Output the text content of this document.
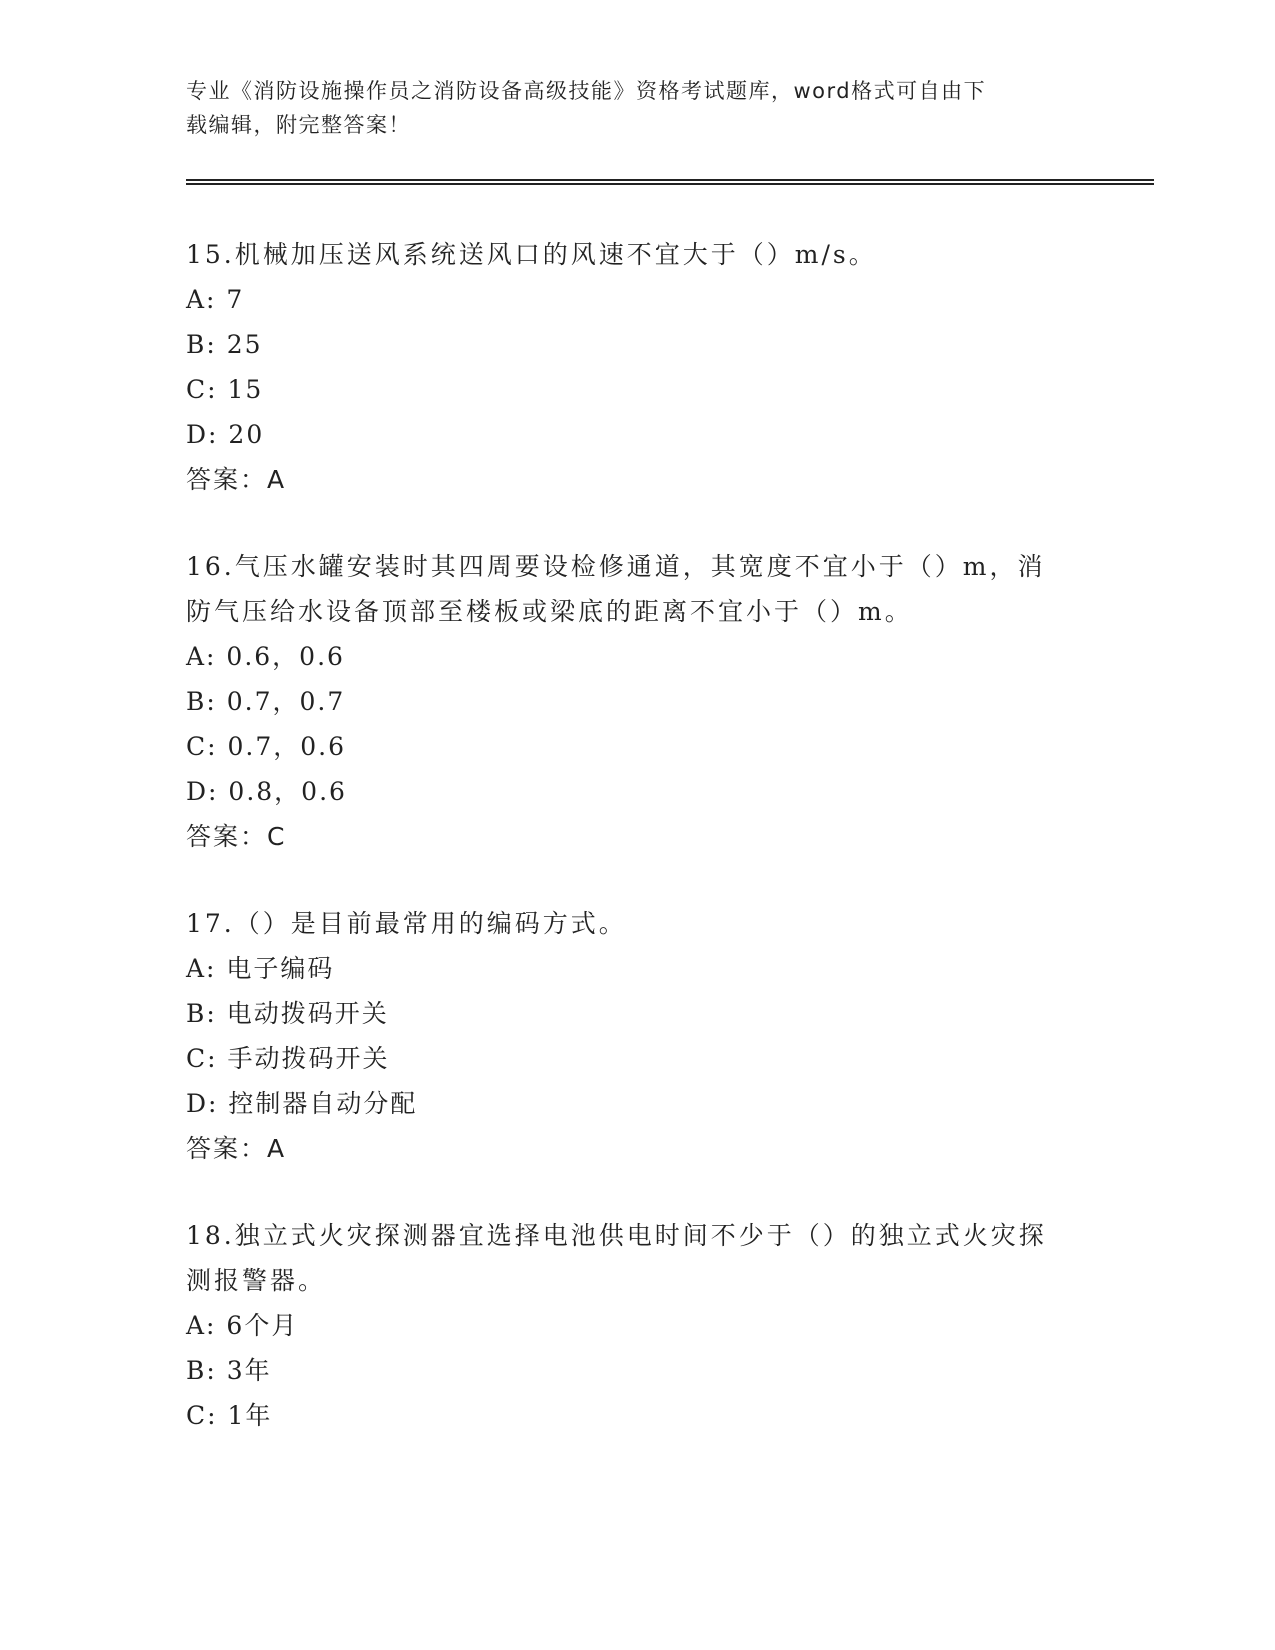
专业《消防设施操作员之消防设备高级技能》资格考试题库，word格式可自由下
载编辑，附完整答案！
15.机械加压送风系统送风口的风速不宜大于（）m/s。
A: 7
B: 25
C: 15
D: 20
答案：A
16.气压水罐安装时其四周要设检修通道，其宽度不宜小于（）m，消防气压给水设备顶部至楼板或梁底的距离不宜小于（）m。
A: 0.6，0.6
B: 0.7，0.7
C: 0.7，0.6
D: 0.8，0.6
答案：C
17.（）是目前最常用的编码方式。
A: 电子编码
B: 电动拨码开关
C: 手动拨码开关
D: 控制器自动分配
答案：A
18.独立式火灾探测器宜选择电池供电时间不少于（）的独立式火灾探测报警器。
A: 6个月
B: 3年
C: 1年
